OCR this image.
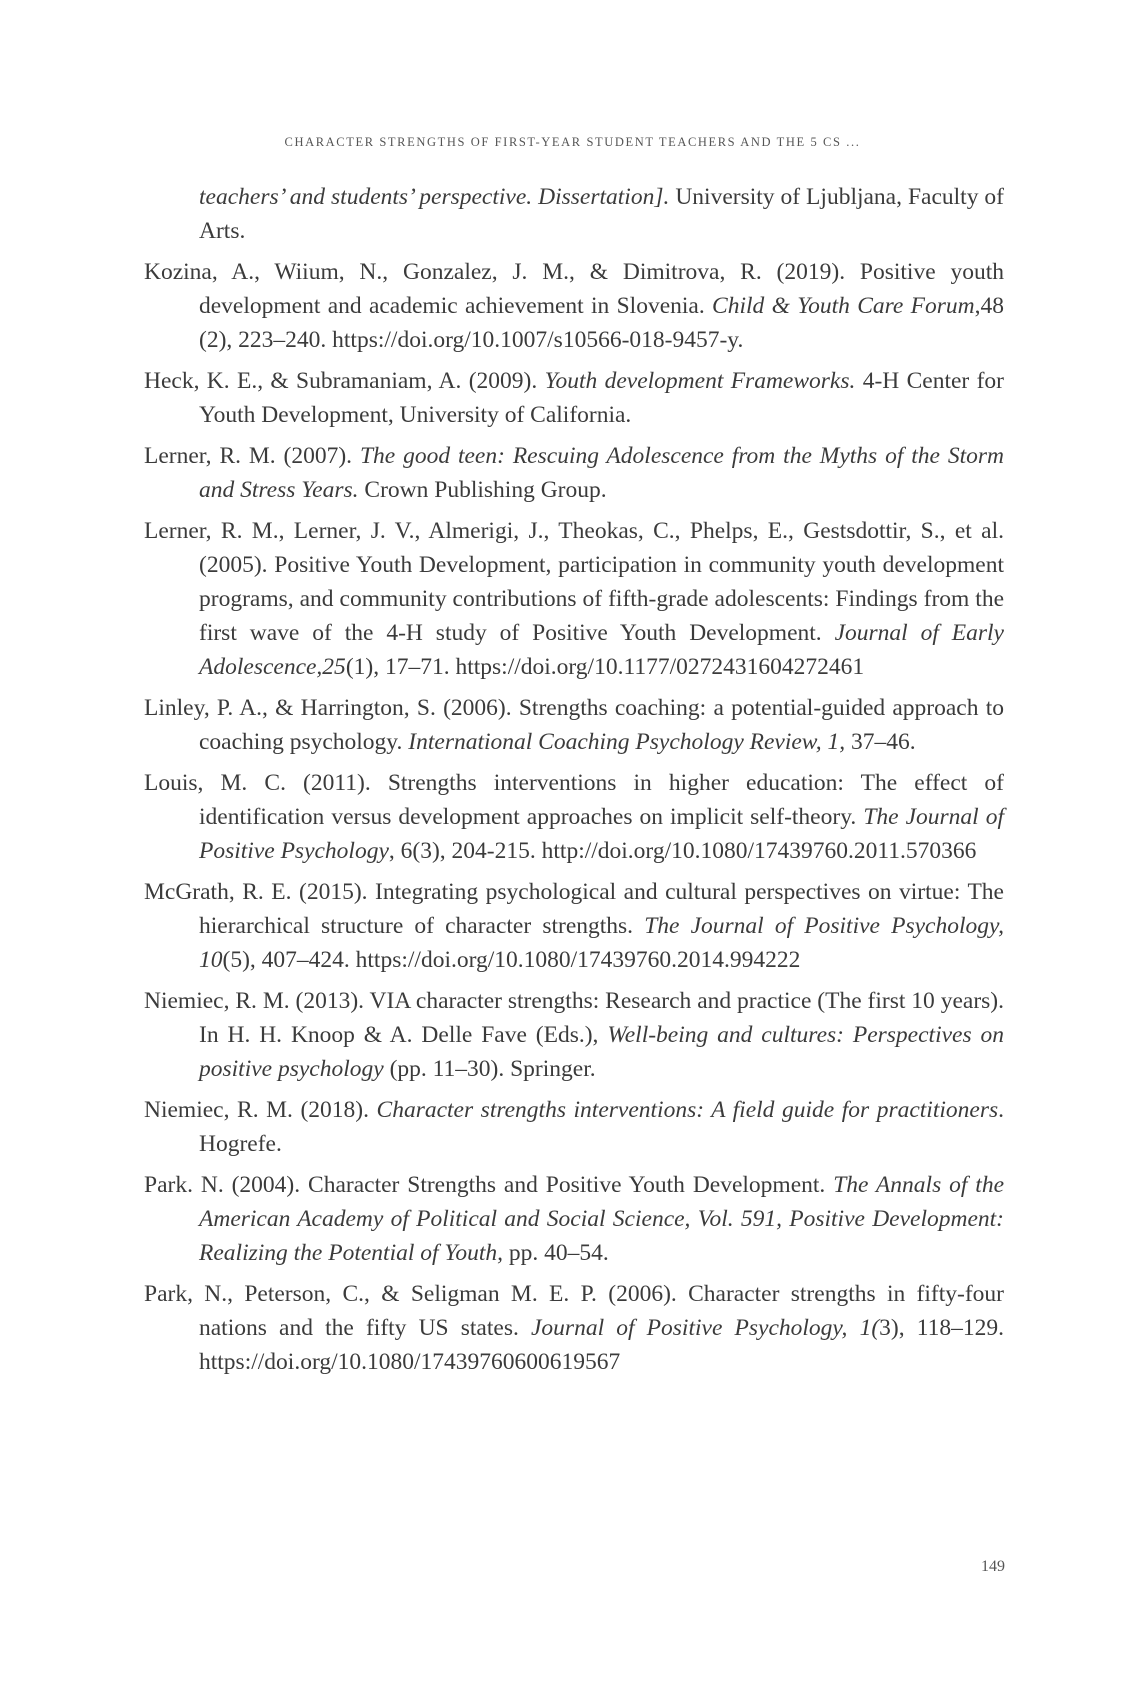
CHARACTER STRENGTHS OF FIRST-YEAR STUDENT TEACHERS AND THE 5 CS ...

teachers’ and students’ perspective. Dissertation]. University of Ljubljana, Faculty of Arts.

Kozina, A., Wiium, N., Gonzalez, J. M., & Dimitrova, R. (2019). Positive youth development and academic achievement in Slovenia. Child & Youth Care Forum,48 (2), 223–240. https://doi.org/10.1007/s10566-018-9457-y.

Heck, K. E., & Subramaniam, A. (2009). Youth development Frameworks. 4-H Center for Youth Development, University of California.

Lerner, R. M. (2007). The good teen: Rescuing Adolescence from the Myths of the Storm and Stress Years. Crown Publishing Group.

Lerner, R. M., Lerner, J. V., Almerigi, J., Theokas, C., Phelps, E., Gestsdottir, S., et al. (2005). Positive Youth Development, participation in community youth development programs, and community contributions of fifth-grade adolescents: Findings from the first wave of the 4-H study of Positive Youth Development. Journal of Early Adolescence,25(1), 17–71. https://doi.org/10.1177/0272431604272461

Linley, P. A., & Harrington, S. (2006). Strengths coaching: a potential-guided approach to coaching psychology. International Coaching Psychology Review, 1, 37–46.

Louis, M. C. (2011). Strengths interventions in higher education: The effect of identification versus development approaches on implicit self-theory. The Journal of Positive Psychology, 6(3), 204-215. http://doi.org/10.1080/17439760.2011.570366

McGrath, R. E. (2015). Integrating psychological and cultural perspectives on virtue: The hierarchical structure of character strengths. The Journal of Positive Psychology, 10(5), 407–424. https://doi.org/10.1080/17439760.2014.994222

Niemiec, R. M. (2013). VIA character strengths: Research and practice (The first 10 years). In H. H. Knoop & A. Delle Fave (Eds.), Well-being and cultures: Perspectives on positive psychology (pp. 11–30). Springer.

Niemiec, R. M. (2018). Character strengths interventions: A field guide for practitioners. Hogrefe.

Park. N. (2004). Character Strengths and Positive Youth Development. The Annals of the American Academy of Political and Social Science, Vol. 591, Positive Development: Realizing the Potential of Youth, pp. 40–54.

Park, N., Peterson, C., & Seligman M. E. P. (2006). Character strengths in fifty-four nations and the fifty US states. Journal of Positive Psychology, 1(3), 118–129. https://doi.org/10.1080/17439760600619567

149
